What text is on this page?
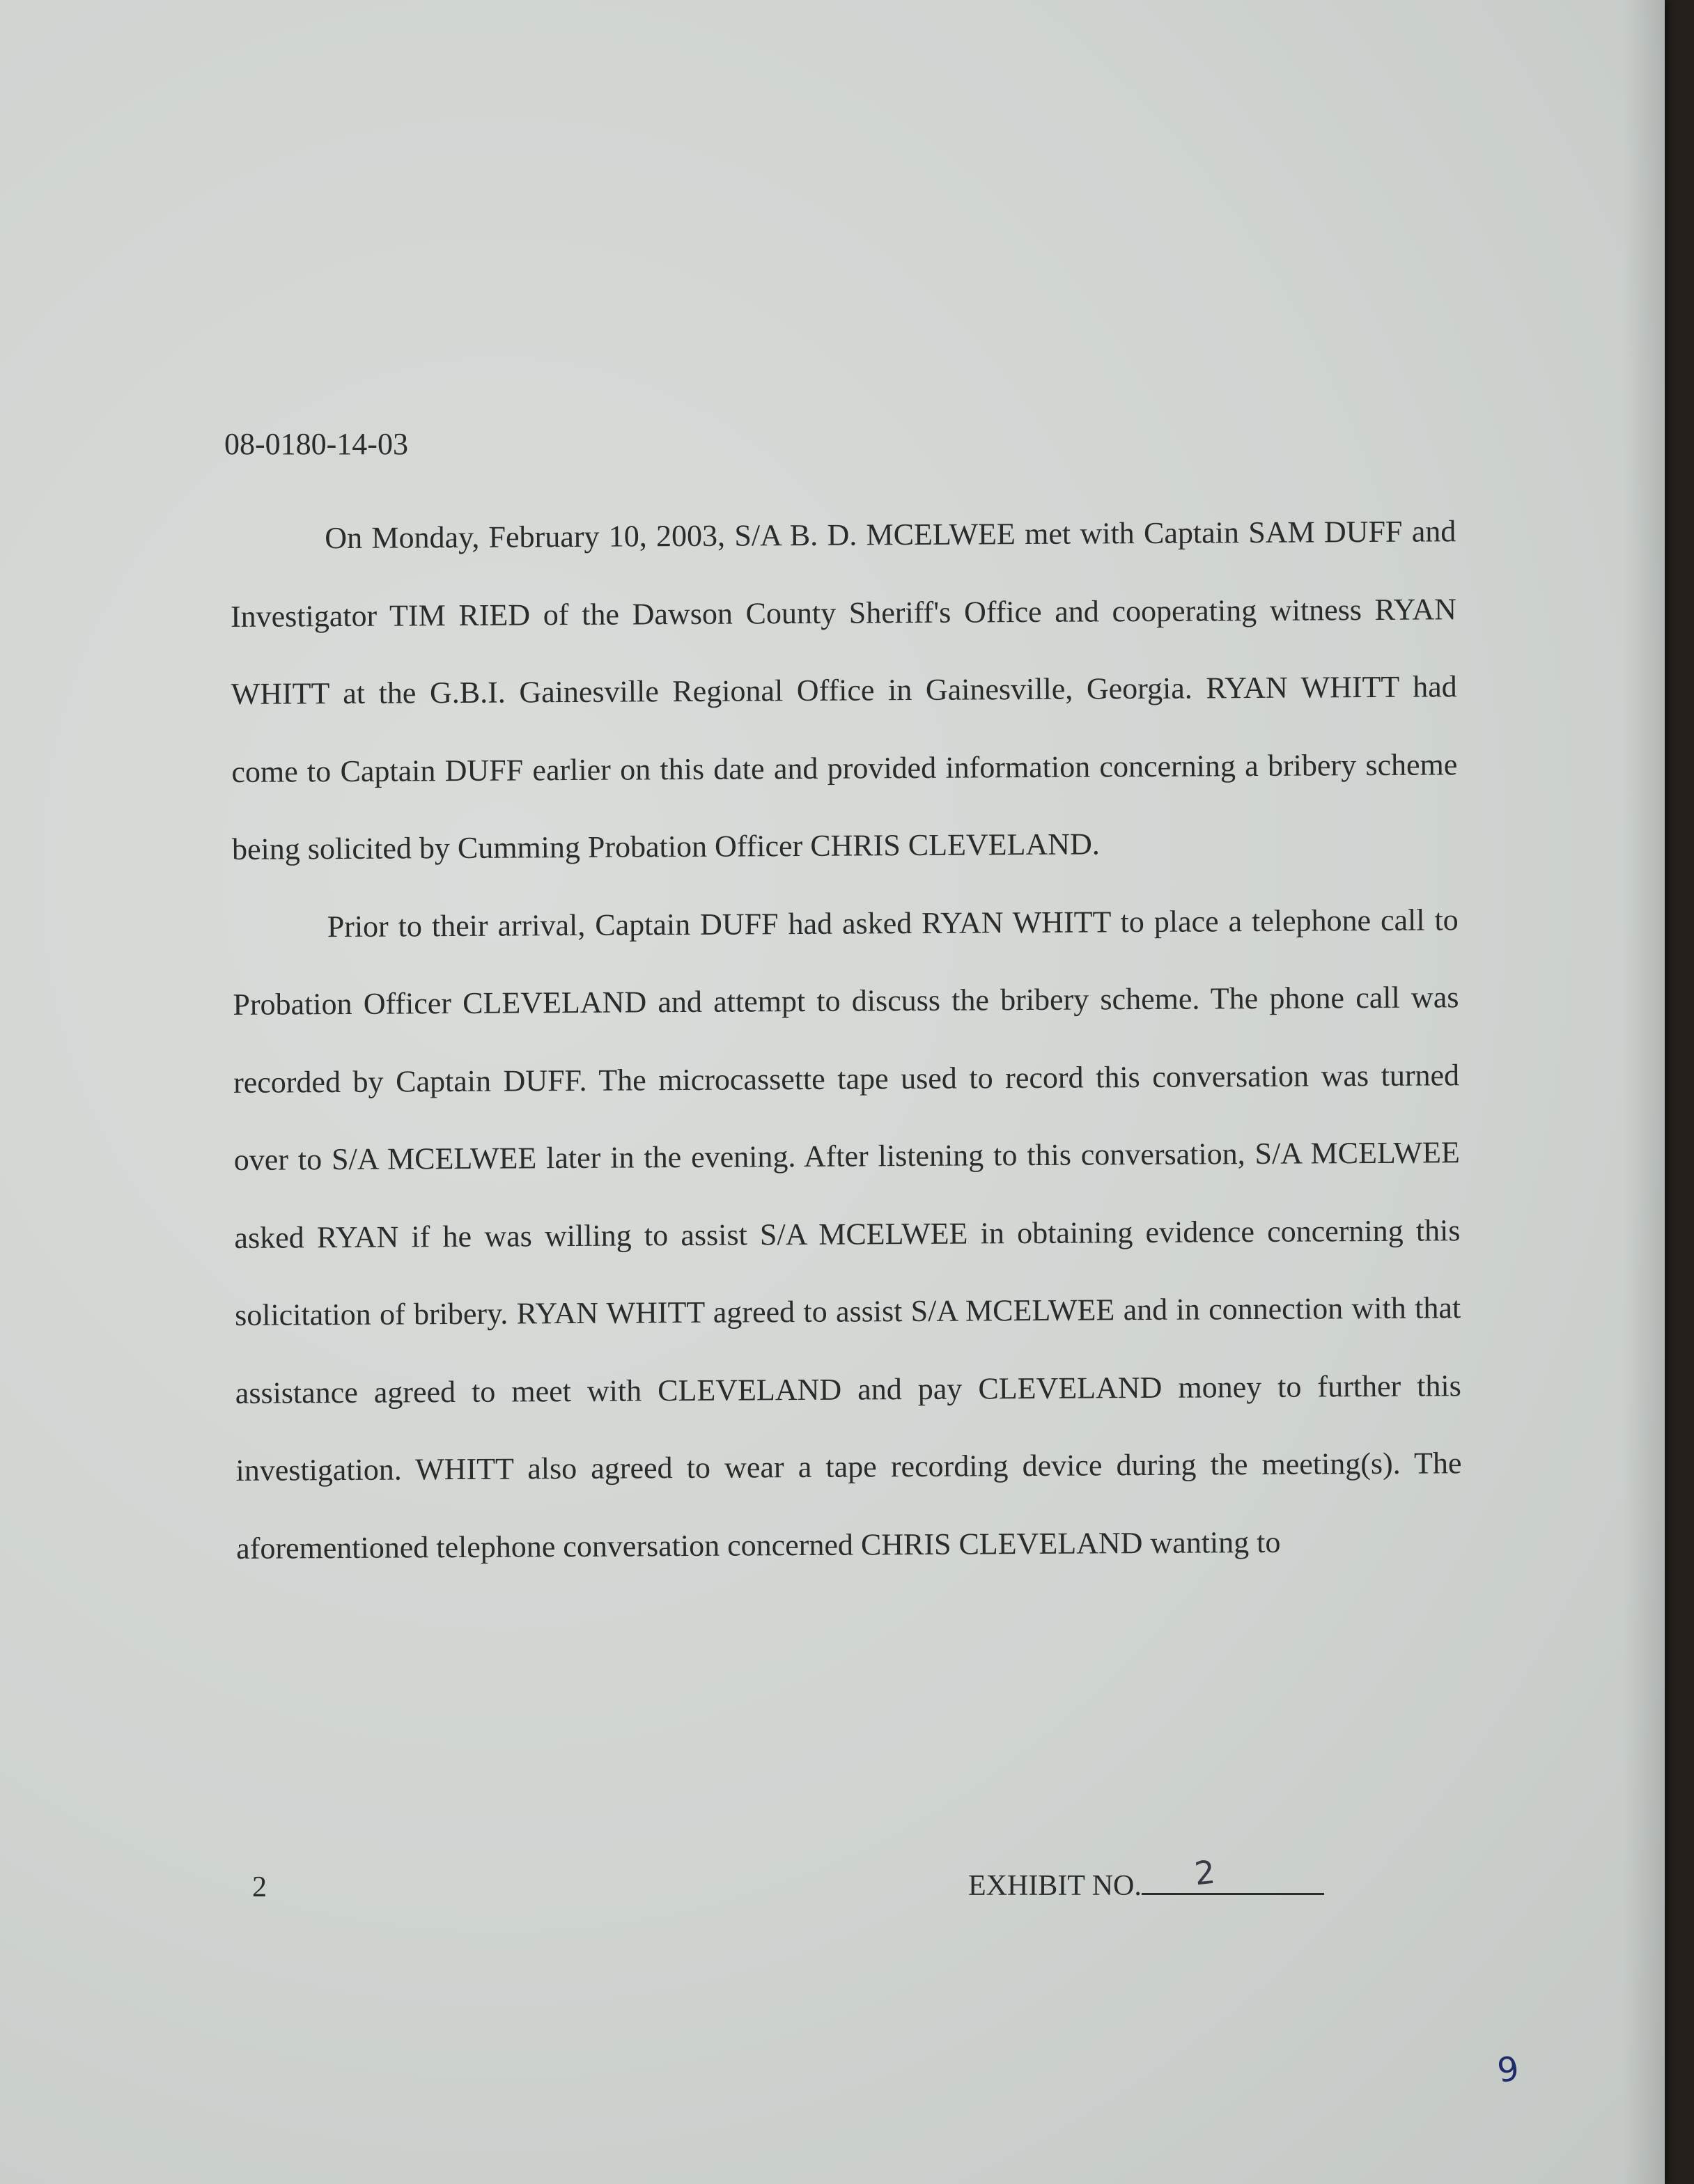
08-0180-14-03

On Monday, February 10, 2003, S/A B. D. MCELWEE met with Captain SAM DUFF and Investigator TIM RIED of the Dawson County Sheriff's Office and cooperating witness RYAN WHITT at the G.B.I. Gainesville Regional Office in Gainesville, Georgia. RYAN WHITT had come to Captain DUFF earlier on this date and provided information concerning a bribery scheme being solicited by Cumming Probation Officer CHRIS CLEVELAND.

Prior to their arrival, Captain DUFF had asked RYAN WHITT to place a telephone call to Probation Officer CLEVELAND and attempt to discuss the bribery scheme. The phone call was recorded by Captain DUFF. The microcassette tape used to record this conversation was turned over to S/A MCELWEE later in the evening. After listening to this conversation, S/A MCELWEE asked RYAN if he was willing to assist S/A MCELWEE in obtaining evidence concerning this solicitation of bribery. RYAN WHITT agreed to assist S/A MCELWEE and in connection with that assistance agreed to meet with CLEVELAND and pay CLEVELAND money to further this investigation. WHITT also agreed to wear a tape recording device during the meeting(s). The aforementioned telephone conversation concerned CHRIS CLEVELAND wanting to

2	EXHIBIT NO. 2
9
